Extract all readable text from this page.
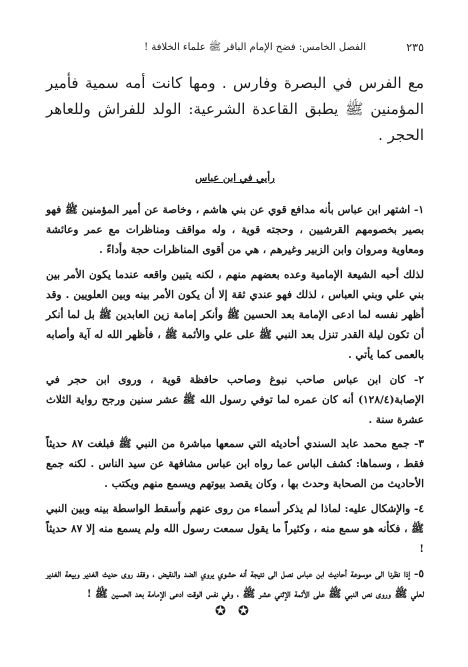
٢٣٥
الفصل الخامس: فضح الإمام الباقر ﷺ علماء الخلافة !

مع الفرس في البصرة وفارس . ومها كانت أمه سمية فأمير المؤمنين ﷺ يطبق القاعدة الشرعية: الولد للفراش وللعاهر الحجر .

رأيي في ابن عباس

١- اشتهر ابن عباس بأنه مدافع قوي عن بني هاشم ، وخاصة عن أمير المؤمنين ﷺ فهو بصير بخصومهم القرشيين ، وحجته قوية ، وله مواقف ومناظرات مع عمر وعائشة ومعاوية ومروان وابن الزبير وغيرهم ، هي من أقوى المناظرات حجة وأداءً .

لذلك أحبه الشيعة الإمامية وعده بعضهم منهم ، لكنه يتبين واقعه عندما يكون الأمر بين بني علي وبني العباس ، لذلك فهو عندي ثقة إلا أن يكون الأمر بينه وبين العلويين . وقد أظهر نفسه لما ادعى الإمامة بعد الحسين ﷺ وأنكر إمامة زين العابدين ﷺ بل لما أنكر أن تكون ليلة القدر تنزل بعد النبي ﷺ على علي والأئمة ﷺ ، فأظهر الله له آية وأصابه بالعمى كما يأتي .

٢- كان ابن عباس صاحب نبوغ وصاحب حافظة قوية ، وروى ابن حجر في الإصابة(١٢٨/٤) أنه كان عمره لما توفي رسول الله ﷺ عشر سنين ورجح رواية الثلاث عشرة سنة .

٣- جمع محمد عابد السندي أحاديثه التي سمعها مباشرة من النبي ﷺ فبلغت ٨٧ حديثاً فقط ، وسماها: كشف الباس عما رواه ابن عباس مشافهة عن سيد الناس . لكنه جمع الأحاديث من الصحابة وحدث بها ، وكان يقصد بيوتهم ويسمع منهم ويكتب .

٤- والإشكال عليه: لماذا لم يذكر أسماء من روى عنهم وأسقط الواسطة بينه وبين النبي ﷺ ، فكأنه هو سمع منه ، وكثيراً ما يقول سمعت رسول الله ولم يسمع منه إلا ٨٧ حديثاً !

٥- إذا نظرنا الى موسوعة أحاديث ابن عباس نصل الى نتيجة أنه حشوي يروي الضد والنقيض ، وفقد روى حديث الغدير وبيعة الغدير لعلي ﷺ وروى نص النبي ﷺ على الأئمة الإثني عشر ﷺ ، وفي نفس الوقت ادعى الإمامة بعد الحسين ﷺ !

✪ ✪
